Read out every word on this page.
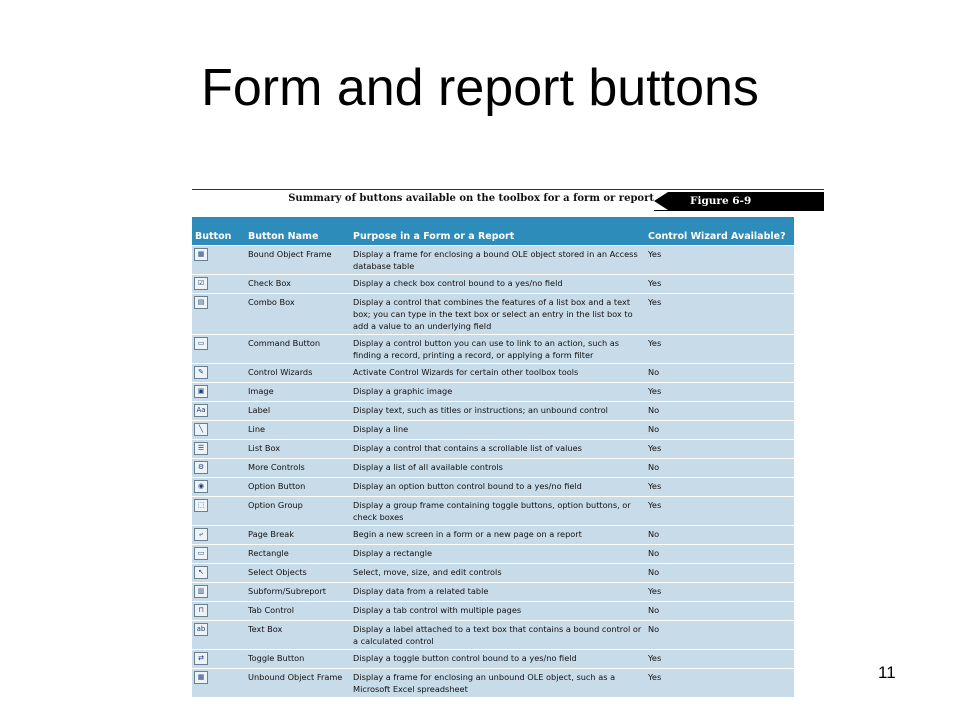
Form and report buttons
Summary of buttons available on the toolbox for a form or report	Figure 6-9
Button	Button Name	Purpose in a Form or a Report	Control Wizard Available?
▦	Bound Object Frame	Display a frame for enclosing a bound OLE object stored in an Access database table	Yes
☑	Check Box	Display a check box control bound to a yes/no field	Yes
▤	Combo Box	Display a control that combines the features of a list box and a text box; you can type in the text box or select an entry in the list box to add a value to an underlying field	Yes
▭	Command Button	Display a control button you can use to link to an action, such as finding a record, printing a record, or applying a form filter	Yes
✎	Control Wizards	Activate Control Wizards for certain other toolbox tools	No
▣	Image	Display a graphic image	Yes
Aa	Label	Display text, such as titles or instructions; an unbound control	No
╲	Line	Display a line	No
☰	List Box	Display a control that contains a scrollable list of values	Yes
⚙	More Controls	Display a list of all available controls	No
◉	Option Button	Display an option button control bound to a yes/no field	Yes
⬚	Option Group	Display a group frame containing toggle buttons, option buttons, or check boxes	Yes
⤶	Page Break	Begin a new screen in a form or a new page on a report	No
▭	Rectangle	Display a rectangle	No
↖	Select Objects	Select, move, size, and edit controls	No
▥	Subform/Subreport	Display data from a related table	Yes
⊓	Tab Control	Display a tab control with multiple pages	No
ab	Text Box	Display a label attached to a text box that contains a bound control or a calculated control	No
⇄	Toggle Button	Display a toggle button control bound to a yes/no field	Yes
▦	Unbound Object Frame	Display a frame for enclosing an unbound OLE object, such as a Microsoft Excel spreadsheet	Yes	11
